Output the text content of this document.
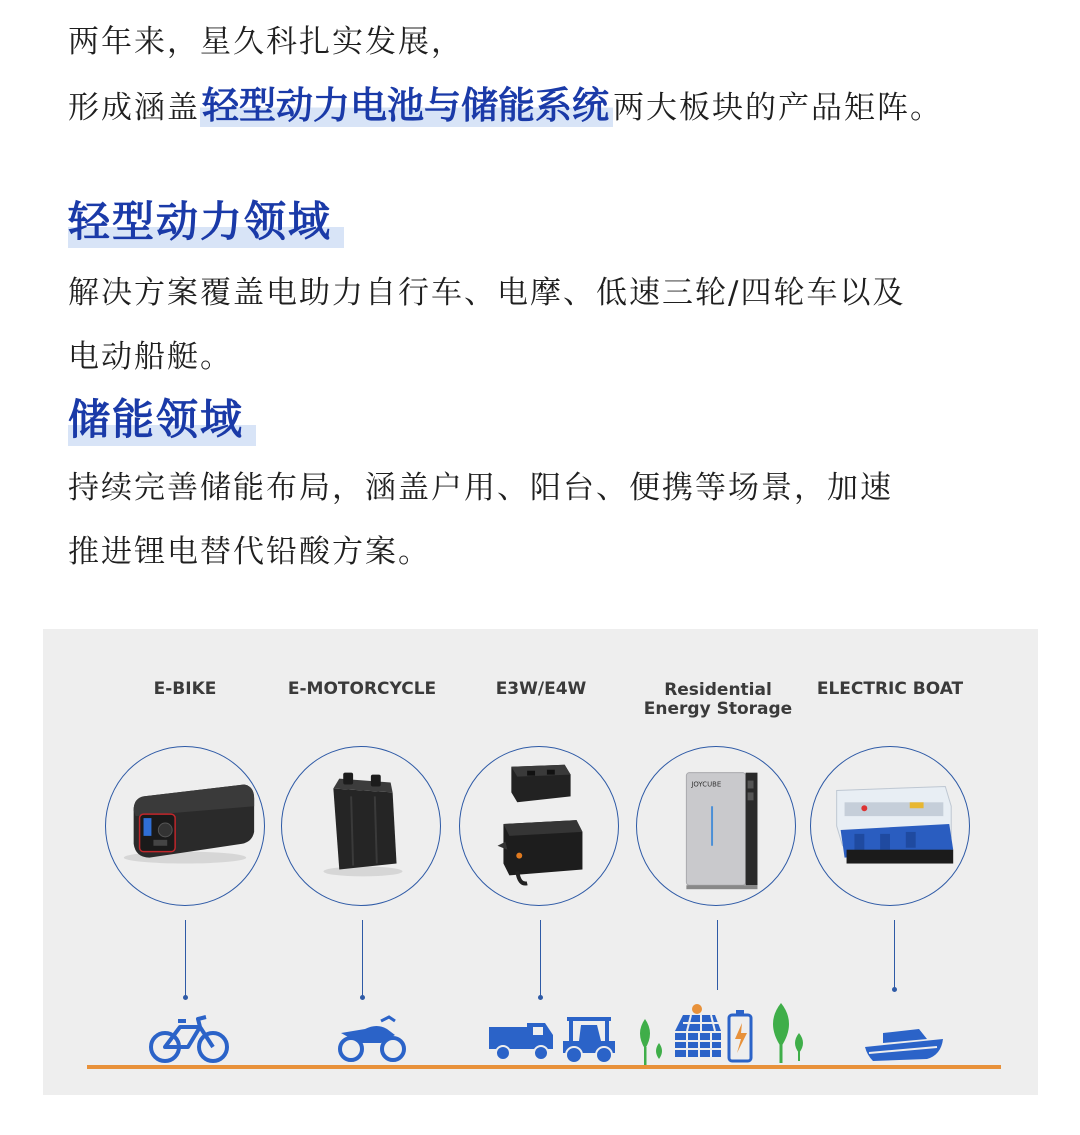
两年来，星久科扎实发展，

形成涵盖轻型动力电池与储能系统 两大板块的产品矩阵。

轻型动力领域

解决方案覆盖电助力自行车、电摩、低速三轮/四轮车以及

电动船艇。

储能领域

持续完善储能布局，涵盖户用、阳台、便携等场景，加速

推进锂电替代铅酸方案。

E-BIKE	E-MOTORCYCLE	E3W/E4W	Residential
Energy Storage
ELECTRIC BOAT
JOYCUBE
